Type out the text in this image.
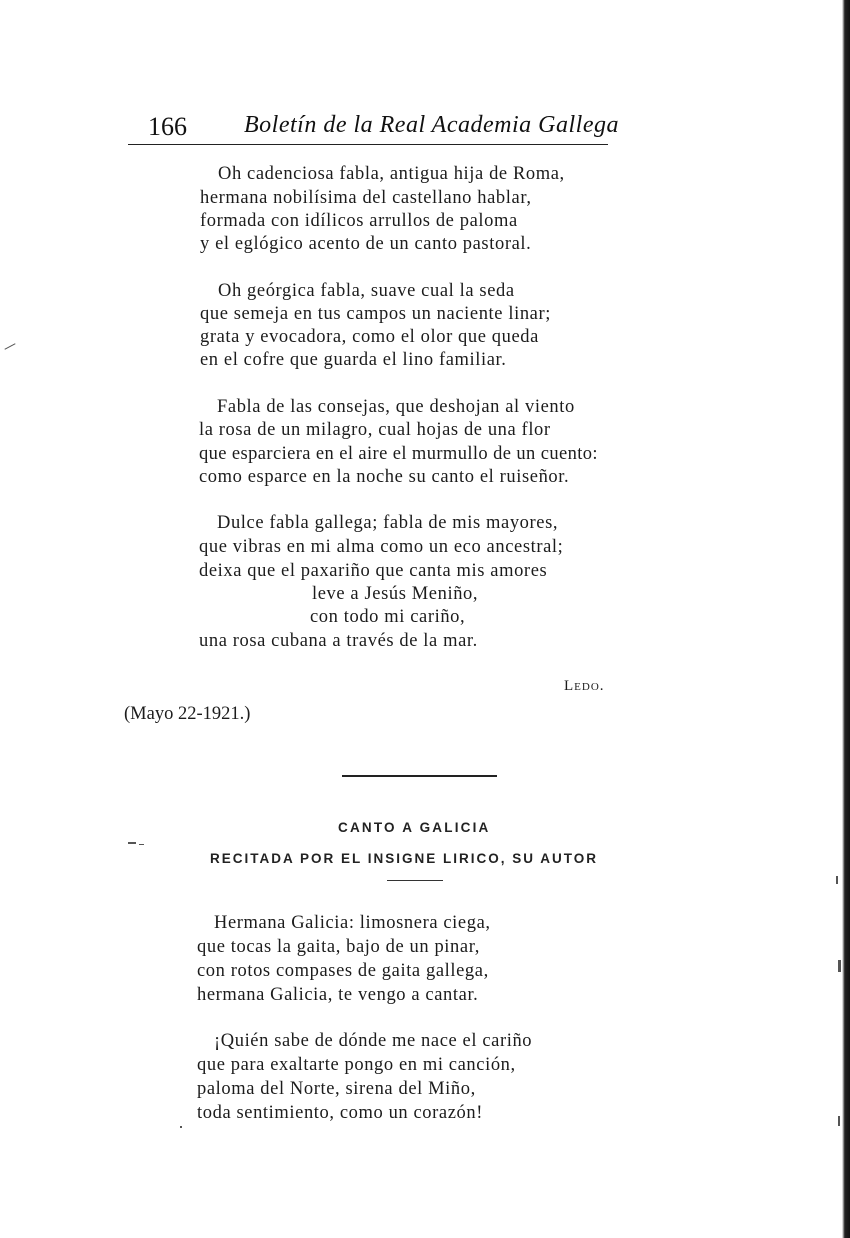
166 Boletín de la Real Academia Gallega
Oh cadenciosa fabla, antigua hija de Roma,
hermana nobilísima del castellano hablar,
formada con idílicos arrullos de paloma
y el eglógico acento de un canto pastoral.
Oh geórgica fabla, suave cual la seda
que semeja en tus campos un naciente linar;
grata y evocadora, como el olor que queda
en el cofre que guarda el lino familiar.
Fabla de las consejas, que deshojan al viento
la rosa de un milagro, cual hojas de una flor
que esparciera en el aire el murmullo de un cuento:
como esparce en la noche su canto el ruiseñor.
Dulce fabla gallega; fabla de mis mayores,
que vibras en mi alma como un eco ancestral;
deixa que el paxariño que canta mis amores
leve a Jesús Meniño,
con todo mi cariño,
una rosa cubana a través de la mar.
Ledo.
(Mayo 22-1921.)
CANTO A GALICIA
RECITADA POR EL INSIGNE LIRICO, SU AUTOR
Hermana Galicia: limosnera ciega,
que tocas la gaita, bajo de un pinar,
con rotos compases de gaita gallega,
hermana Galicia, te vengo a cantar.
¡Quién sabe de dónde me nace el cariño
que para exaltarte pongo en mi canción,
paloma del Norte, sirena del Miño,
toda sentimiento, como un corazón!
